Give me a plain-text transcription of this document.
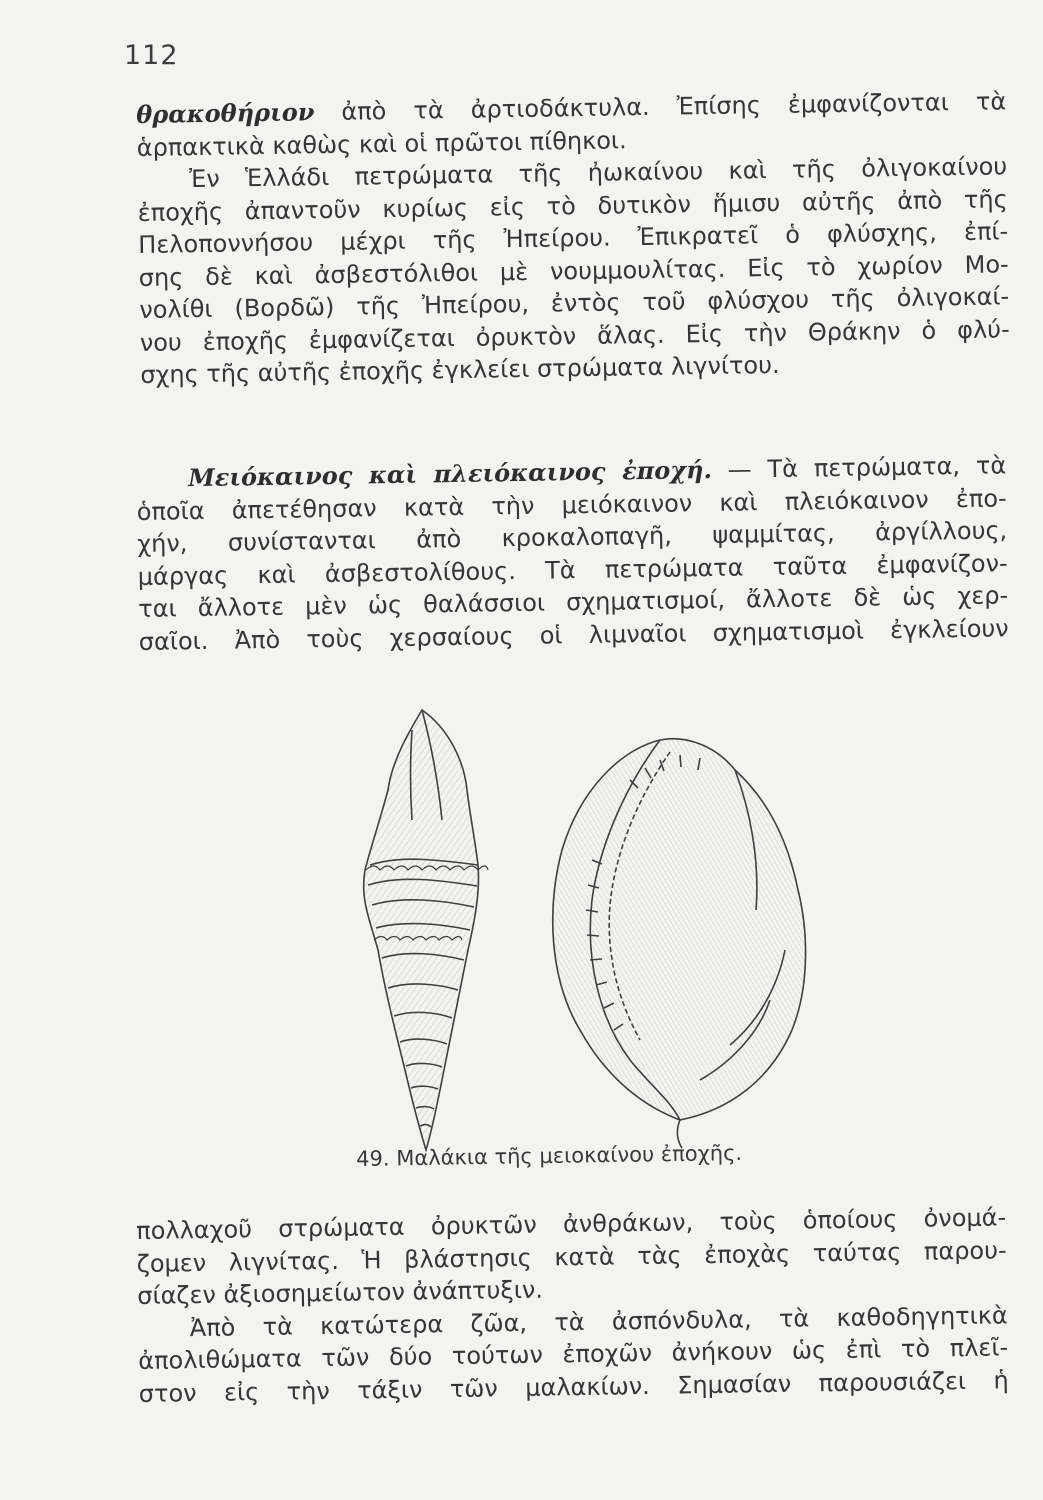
112
θρακοθήριον ἀπὸ τὰ ἀρτιοδάκτυλα. Ἐπίσης ἐμφανίζονται τὰ
ἁρπακτικὰ καθὼς καὶ οἱ πρῶτοι πίθηκοι.
Ἐν Ἑλλάδι πετρώματα τῆς ἠωκαίνου καὶ τῆς ὀλιγοκαίνου
ἐποχῆς ἀπαντοῦν κυρίως εἰς τὸ δυτικὸν ἥμισυ αὐτῆς ἀπὸ τῆς
Πελοποννήσου μέχρι τῆς Ἠπείρου. Ἐπικρατεῖ ὁ φλύσχης, ἐπί-
σης δὲ καὶ ἀσβεστόλιθοι μὲ νουμμουλίτας. Εἰς τὸ χωρίον Μο-
νολίθι (Βορδῶ) τῆς Ἠπείρου, ἐντὸς τοῦ φλύσχου τῆς ὀλιγοκαί-
νου ἐποχῆς ἐμφανίζεται ὀρυκτὸν ἅλας. Εἰς τὴν Θράκην ὁ φλύ-
σχης τῆς αὐτῆς ἐποχῆς ἐγκλείει στρώματα λιγνίτου.
Μειόκαινος καὶ πλειόκαινος ἐποχή. — Τὰ πετρώματα, τὰ
ὁποῖα ἀπετέθησαν κατὰ τὴν μειόκαινον καὶ πλειόκαινον ἐπο-
χήν, συνίστανται ἀπὸ κροκαλοπαγῆ, ψαμμίτας, ἀργίλλους,
μάργας καὶ ἀσβεστολίθους. Τὰ πετρώματα ταῦτα ἐμφανίζον-
ται ἄλλοτε μὲν ὡς θαλάσσιοι σχηματισμοί, ἄλλοτε δὲ ὡς χερ-
σαῖοι. Ἀπὸ τοὺς χερσαίους οἱ λιμναῖοι σχηματισμοὶ ἐγκλείουν
49. Μαλάκια τῆς μειοκαίνου ἐποχῆς.
πολλαχοῦ στρώματα ὀρυκτῶν ἀνθράκων, τοὺς ὁποίους ὀνομά-
ζομεν λιγνίτας. Ἡ βλάστησις κατὰ τὰς ἐποχὰς ταύτας παρου-
σίαζεν ἀξιοσημείωτον ἀνάπτυξιν.
Ἀπὸ τὰ κατώτερα ζῶα, τὰ ἀσπόνδυλα, τὰ καθοδηγητικὰ
ἀπολιθώματα τῶν δύο τούτων ἐποχῶν ἀνήκουν ὡς ἐπὶ τὸ πλεῖ-
στον εἰς τὴν τάξιν τῶν μαλακίων. Σημασίαν παρουσιάζει ἡ
